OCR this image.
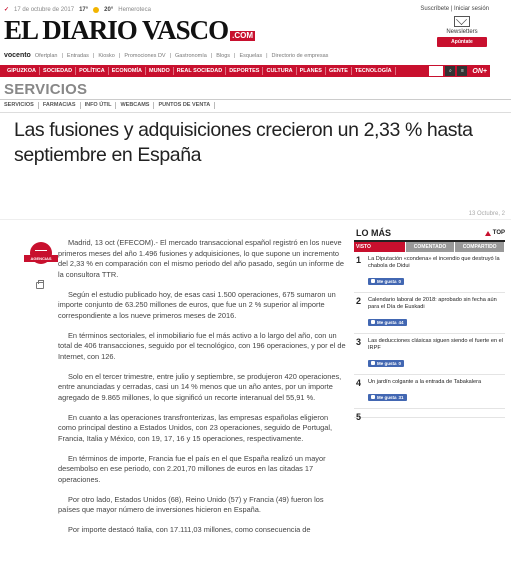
✓ 17 de octubre de 2017 17°	20° Hemeroteca
EL DIARIO VASCO .COM
Suscríbete | Iniciar sesión
Newsletters
Apúntate
vocento Ofertplan | Entradas | Kiosko | Promociones DV | Gastronomía | Blogs | Esquelas | Directorio de empresas
GIPUZKOA	SOCIEDAD	POLÍTICA	ECONOMÍA	MUNDO	REAL SOCIEDAD	DEPORTES	CULTURA	PLANES	GENTE	TECNOLOGÍA	⌕	≡	ON+
SERVICIOS
SERVICIOS	FARMACIAS	INFO ÚTIL	WEBCAMS	PUNTOS DE VENTA
Las fusiones y adquisiciones crecieron un 2,33 % hasta septiembre en España
13 Octubre, 2
AGENCIAS

Madrid, 13 oct (EFECOM).- El mercado transaccional español registró en los nueve primeros meses del año 1.496 fusiones y adquisiciones, lo que supone un incremento del 2,33 % en comparación con el mismo periodo del año pasado, según un informe de la consultora TTR.

Según el estudio publicado hoy, de esas casi 1.500 operaciones, 675 sumaron un importe conjunto de 63.250 millones de euros, que fue un 2 % superior al importe correspondiente a los nueve primeros meses de 2016.

En términos sectoriales, el inmobiliario fue el más activo a lo largo del año, con un total de 406 transacciones, seguido por el tecnológico, con 196 operaciones, y por el de Internet, con 126.

Solo en el tercer trimestre, entre julio y septiembre, se produjeron 420 operaciones, entre anunciadas y cerradas, casi un 14 % menos que un año antes, por un importe agregado de 9.865 millones, lo que significó un recorte interanual del 55,91 %.

En cuanto a las operaciones transfronterizas, las empresas españolas eligieron como principal destino a Estados Unidos, con 23 operaciones, seguido de Portugal, Francia, Italia y México, con 19, 17, 16 y 15 operaciones, respectivamente.

En términos de importe, Francia fue el país en el que España realizó un mayor desembolso en ese periodo, con 2.201,70 millones de euros en las citadas 17 operaciones.

Por otro lado, Estados Unidos (68), Reino Unido (57) y Francia (49) fueron los países que mayor número de inversiones hicieron en España.

Por importe destacó Italia, con 17.111,03 millones, como consecuencia de

LO MÁS	TOP
VISTO	COMENTADO	COMPARTIDO
1 La Diputación «condena» el incendio que destruyó la chabola de Didui
Me gusta 0
2 Calendario laboral de 2018: aprobado sin fecha aún para el Día de Euskadi
Me gusta 44
3 Las deducciones clásicas siguen siendo el fuerte en el IRPF
Me gusta 0
4 Un jardín colgante a la entrada de Tabakalera
Me gusta 31
5
